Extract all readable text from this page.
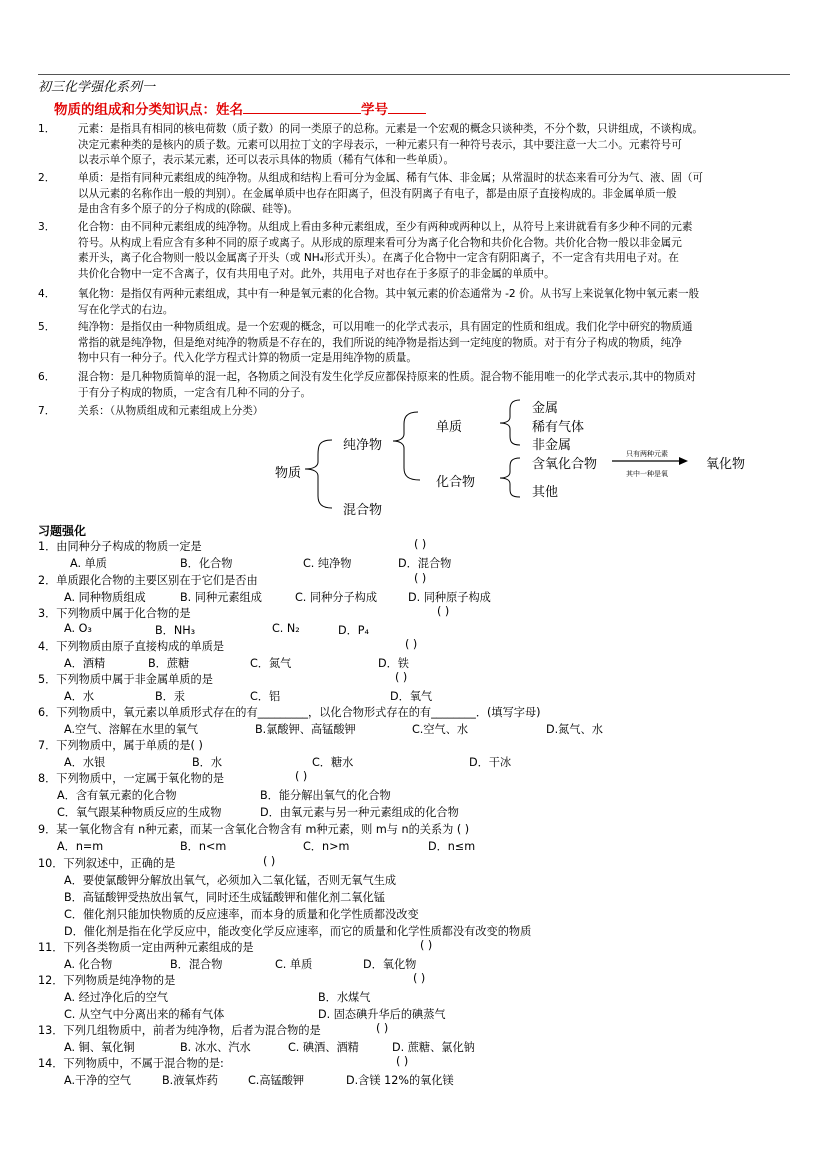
初三化学强化系列一
物质的组成和分类知识点：姓名	学号
1． 元素：是指具有相同的核电荷数（质子数）的同一类原子的总称。元素是一个宏观的概念只谈种类，不分个数，只讲组成，不谈构成。

决定元素种类的是核内的质子数。元素可以用拉丁文的字母表示，一种元素只有一种符号表示，其中要注意一大二小。元素符号可

以表示单个原子，表示某元素，还可以表示具体的物质（稀有气体和一些单质）。

2． 单质：是指有同种元素组成的纯净物。从组成和结构上看可分为金属、稀有气体、非金属；从常温时的状态来看可分为气、液、固（可

以从元素的名称作出一般的判别）。在金属单质中也存在阳离子，但没有阴离子有电子，都是由原子直接构成的。非金属单质一般

是由含有多个原子的分子构成的(除碳、硅等)。

3． 化合物：由不同种元素组成的纯净物。从组成上看由多种元素组成，至少有两种或两种以上，从符号上来讲就看有多少种不同的元素

符号。从构成上看应含有多种不同的原子或离子。从形成的原理来看可分为离子化合物和共价化合物。共价化合物一般以非金属元

素开头，离子化合物则一般以金属离子开头（或 NH₄形式开头）。在离子化合物中一定含有阴阳离子，不一定含有共用电子对。在

共价化合物中一定不含离子，仅有共用电子对。此外，共用电子对也存在于多原子的非金属的单质中。

4． 氧化物：是指仅有两种元素组成，其中有一种是氧元素的化合物。其中氧元素的价态通常为 -2 价。从书写上来说氧化物中氧元素一般

写在化学式的右边。

5． 纯净物：是指仅由一种物质组成。是一个宏观的概念，可以用唯一的化学式表示，具有固定的性质和组成。我们化学中研究的物质通

常指的就是纯净物，但是绝对纯净的物质是不存在的，我们所说的纯净物是指达到一定纯度的物质。对于有分子构成的物质，纯净

物中只有一种分子。代入化学方程式计算的物质一定是用纯净物的质量。

6． 混合物：是几种物质简单的混一起，各物质之间没有发生化学反应都保持原来的性质。混合物不能用唯一的化学式表示,其中的物质对

于有分子构成的物质，一定含有几种不同的分子。

7． 关系：（从物质组成和元素组成上分类）

物质
纯净物
混合物
单质
化合物
金属
稀有气体
非金属
含氧化合物
其他
只有两种元素
其中一种是氧
氧化物
习题强化
1．由同种分子构成的物质一定是	( )
A. 单质	B．化合物	C. 纯净物	D．混合物
2．单质跟化合物的主要区别在于它们是否由	( )
A. 同种物质组成	B. 同种元素组成	C. 同种分子构成	D. 同种原子构成
3．下列物质中属于化合物的是	( )
A. O₃	B．NH₃	C. N₂	D．P₄
4．下列物质由原子直接构成的单质是	( )
A．酒精	B．蔗糖	C．氮气	D．铁
5．下列物质中属于非金属单质的是	( )
A．水	B．汞	C．铝	D．氧气
6．下列物质中，氧元素以单质形式存在的有_________，以化合物形式存在的有________．(填写字母)
A.空气、溶解在水里的氧气	B.氯酸钾、高锰酸钾	C.空气、水	D.氮气、水
7．下列物质中，属于单质的是( )
A．水银	B．水	C．糖水	D．干冰
8．下列物质中，一定属于氧化物的是	( )
A．含有氧元素的化合物	B．能分解出氧气的化合物
C．氧气跟某种物质反应的生成物	D．由氧元素与另一种元素组成的化合物
9．某一氧化物含有 n种元素，而某一含氧化合物含有 m种元素，则 m与 n的关系为 ( )
A．n=m	B．n<m	C．n>m	D．n≤m
10．下列叙述中，正确的是	( )
A．要使氯酸钾分解放出氧气，必须加入二氧化锰，否则无氧气生成
B．高锰酸钾受热放出氧气，同时还生成锰酸钾和催化剂二氧化锰
C．催化剂只能加快物质的反应速率，而本身的质量和化学性质都没改变
D．催化剂是指在化学反应中，能改变化学反应速率，而它的质量和化学性质都没有改变的物质
11．下列各类物质一定由两种元素组成的是	( )
A. 化合物	B．混合物	C. 单质	D．氧化物
12．下列物质是纯净物的是	( )
A. 经过净化后的空气	B．水煤气
C. 从空气中分离出来的稀有气体	D. 固态碘升华后的碘蒸气
13．下列几组物质中，前者为纯净物，后者为混合物的是	( )
A. 铜、氧化铜	B. 冰水、汽水	C. 碘酒、酒精	D. 蔗糖、氯化钠
14．下列物质中，不属于混合物的是:	( )
A.干净的空气	B.液氧炸药	C.高锰酸钾	D.含镁 12%的氧化镁
